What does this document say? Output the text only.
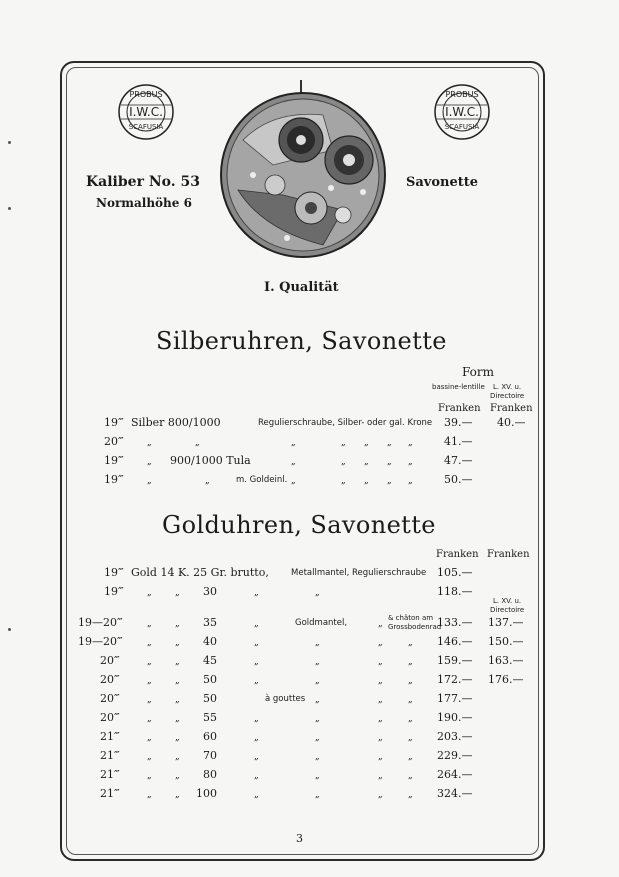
PROBUS
I.W.C.
SCAFUSIA
PROBUS
I.W.C.
SCAFUSIA
Kaliber No. 53
Normalhöhe 6
Savonette
I. Qualität
Silberuhren, Savonette
Form
bassine-lentille L. XV. u.
Directoire
Franken Franken
19‴ Silber 800/1000	Regulierschraube, Silber- oder gal. Krone 39.— 40.—
20‴	„	„	„	„ „ „ „	41.—
19‴	„ 900/1000 Tula	„	„ „ „ „	47.—
19‴	„	„	m. Goldeinl. „	„ „ „ „	50.—
Golduhren, Savonette
Franken Franken
L. XV. u.
Directoire
19‴ Gold 14 K. 25 Gr. brutto,	Metallmantel, Regulierschraube 105.—
19‴	„	„ 30	„	„	118.—
19—20‴	„	„ 35	„	Goldmantel,	„	133.— 137.—
& châton am
Grossbodenrad
19—20‴	„	„ 40	„	„	„	„ 146.— 150.—
20‴	„	„ 45	„	„	„	„ 159.— 163.—
20‴	„	„ 50	„	„	„	„ 172.— 176.—
20‴	„	„ 50	à gouttes „	„	„ 177.—
20‴	„	„ 55	„	„	„	„ 190.—
21‴	„	„ 60	„	„	„	„ 203.—
21‴	„	„ 70	„	„	„	„ 229.—
21‴	„	„ 80	„	„	„	„ 264.—
21‴	„	„ 100	„	„	„	„ 324.—
3
